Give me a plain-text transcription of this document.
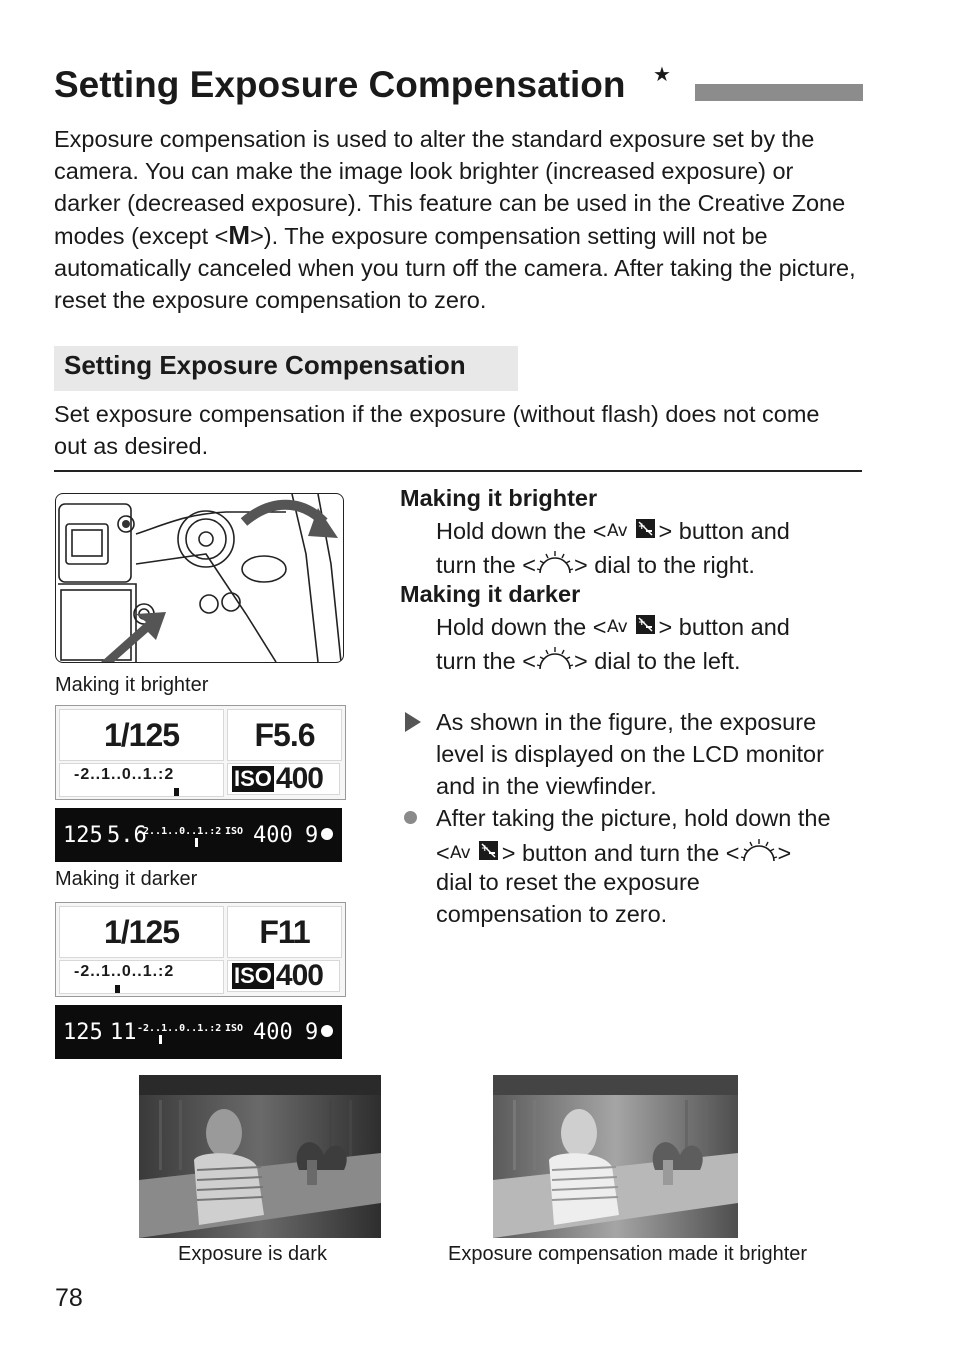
Setting Exposure Compensation ★

Exposure compensation is used to alter the standard exposure set by the camera. You can make the image look brighter (increased exposure) or darker (decreased exposure). This feature can be used in the Creative Zone modes (except <M>). The exposure compensation setting will not be automatically canceled when you turn off the camera. After taking the picture, reset the exposure compensation to zero.

Setting Exposure Compensation

Set exposure compensation if the exposure (without flash) does not come out as desired.

Making it brighter
1/125	F5.6
-2..1..0..1.:2	ISO 400
125 5.6
-2..1..0..1.:2 ISO 400 9
Making it darker
1/125	F11
-2..1..0..1.:2	ISO 400
125 11 -2..1..0..1.:2 ISO 400 9
Making it brighter
Hold down the < Av + > button and
turn the < > dial to the right.
Making it darker
Hold down the < Av + > button and
turn the < > dial to the left.
As shown in the figure, the exposure
level is displayed on the LCD monitor
and in the viewfinder.
After taking the picture, hold down the
< Av + > button and turn the < >
dial to reset the exposure
compensation to zero.
Exposure is dark	Exposure compensation made it brighter
78
